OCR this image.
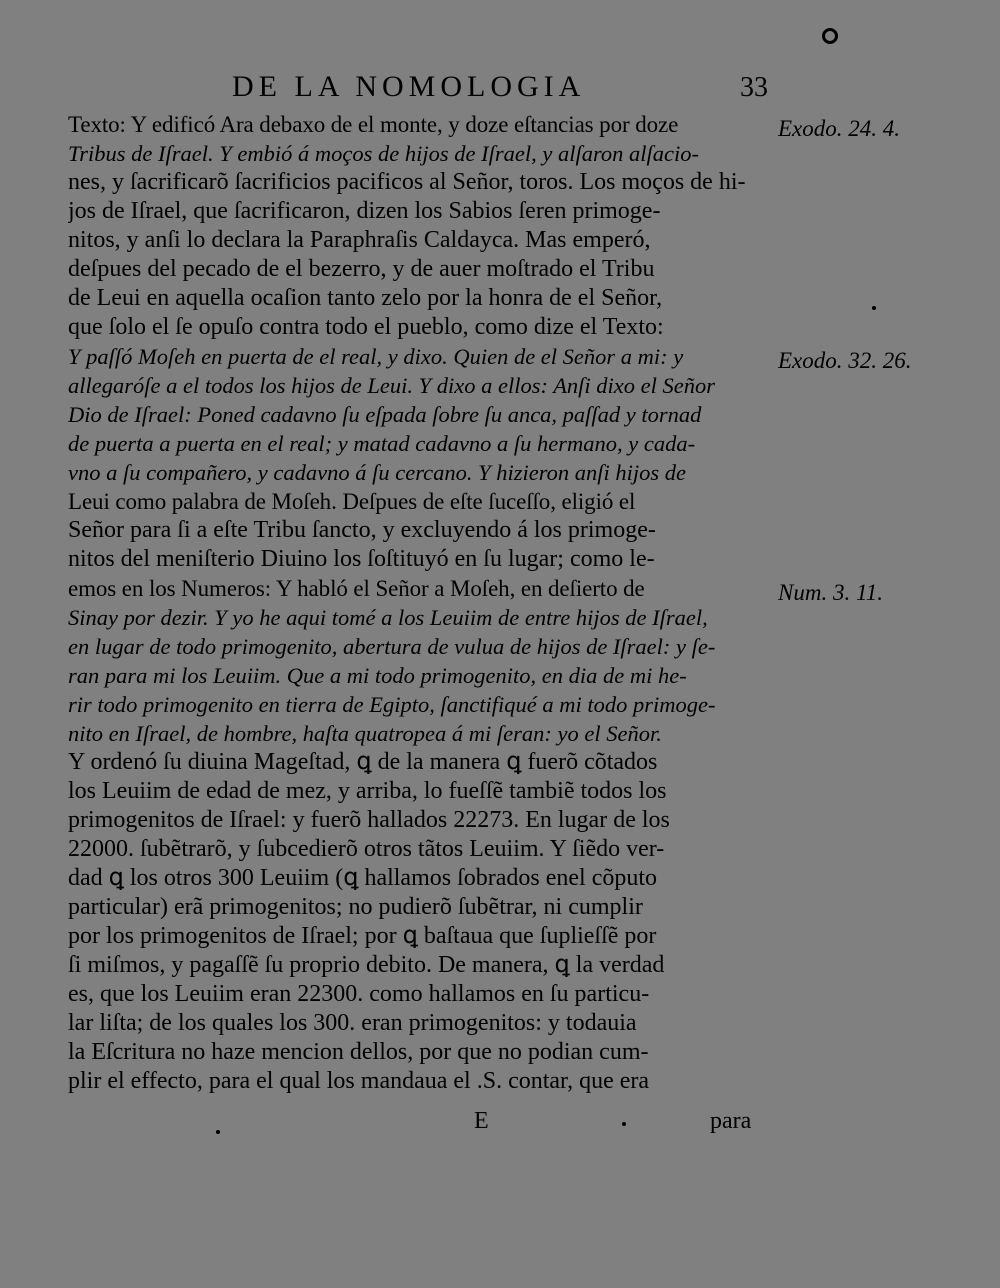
DE LA NOMOLOGIA	33
Texto: Y edificó Ara debaxo de el monte, y doze eſtancias por doze
Tribus de Iſrael. Y embió á moços de hijos de Iſrael, y alſaron alſacio-
nes, y ſacrificarõ ſacrificios pacificos al Señor, toros. Los moços de hi-
jos de Iſrael, que ſacrificaron, dizen los Sabios ſeren primoge-
nitos, y anſi lo declara la Paraphraſis Caldayca. Mas emperó,
deſpues del pecado de el bezerro, y de auer moſtrado el Tribu
de Leui en aquella ocaſion tanto zelo por la honra de el Señor,
que ſolo el ſe opuſo contra todo el pueblo, como dize el Texto:
Y paſſó Moſeh en puerta de el real, y dixo. Quien de el Señor a mi: y
allegaróſe a el todos los hijos de Leui. Y dixo a ellos: Anſi dixo el Señor
Dio de Iſrael: Poned cadavno ſu eſpada ſobre ſu anca, paſſad y tornad
de puerta a puerta en el real; y matad cadavno a ſu hermano, y cada-
vno a ſu compañero, y cadavno á ſu cercano. Y hizieron anſi hijos de
Leui como palabra de Moſeh. Deſpues de eſte ſuceſſo, eligió el
Señor para ſi a eſte Tribu ſancto, y excluyendo á los primoge-
nitos del meniſterio Diuino los ſoſtituyó en ſu lugar; como le-
emos en los Numeros: Y habló el Señor a Moſeh, en deſierto de
Sinay por dezir. Y yo he aqui tomé a los Leuiim de entre hijos de Iſrael,
en lugar de todo primogenito, abertura de vulua de hijos de Iſrael: y ſe-
ran para mi los Leuiim. Que a mi todo primogenito, en dia de mi he-
rir todo primogenito en tierra de Egipto, ſanctifiqué a mi todo primoge-
nito en Iſrael, de hombre, haſta quatropea á mi ſeran: yo el Señor.
Y ordenó ſu diuina Mageſtad, ꝗ de la manera ꝗ fuerõ cõtados
los Leuiim de edad de mez, y arriba, lo fueſſẽ tambiẽ todos los
primogenitos de Iſrael: y fuerõ hallados 22273. En lugar de los
22000. ſubẽtrarõ, y ſubcedierõ otros tãtos Leuiim. Y ſiẽdo ver-
dad ꝗ los otros 300 Leuiim (ꝗ hallamos ſobrados enel cõputo
particular) erã primogenitos; no pudierõ ſubẽtrar, ni cumplir
por los primogenitos de Iſrael; por ꝗ baſtaua que ſuplieſſẽ por
ſi miſmos, y pagaſſẽ ſu proprio debito. De manera, ꝗ la verdad
es, que los Leuiim eran 22300. como hallamos en ſu particu-
lar liſta; de los quales los 300. eran primogenitos: y todauia
la Eſcritura no haze mencion dellos, por que no podian cum-
plir el effecto, para el qual los mandaua el .S. contar, que era
Exodo. 24. 4.
Exodo. 32. 26.
Num. 3. 11.
E	para
